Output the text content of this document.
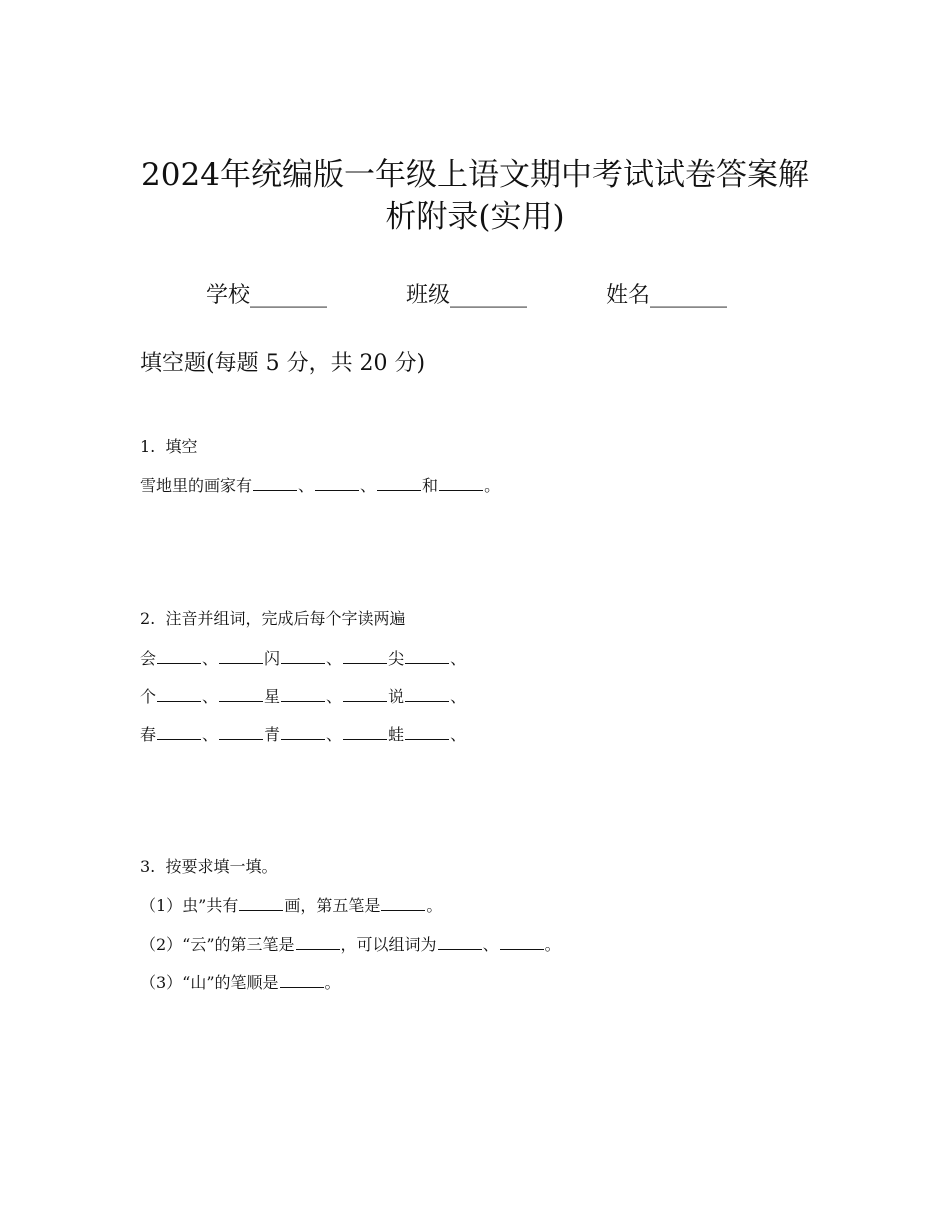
2024年统编版一年级上语文期中考试试卷答案解
析附录(实用)
学校_______	班级_______	姓名_______
填空题(每题 5 分，共 20 分)
1. 填空
雪地里的画家有	、	、	和	。
2. 注音并组词，完成后每个字读两遍
会	、	闪	、	尖	、
个	、	星	、	说	、
春	、	青	、	蛙	、
3. 按要求填一填。
（1）虫”共有	画，第五笔是	。
（2）“云”的第三笔是	，可以组词为	、	。
（3）“山”的笔顺是	。
